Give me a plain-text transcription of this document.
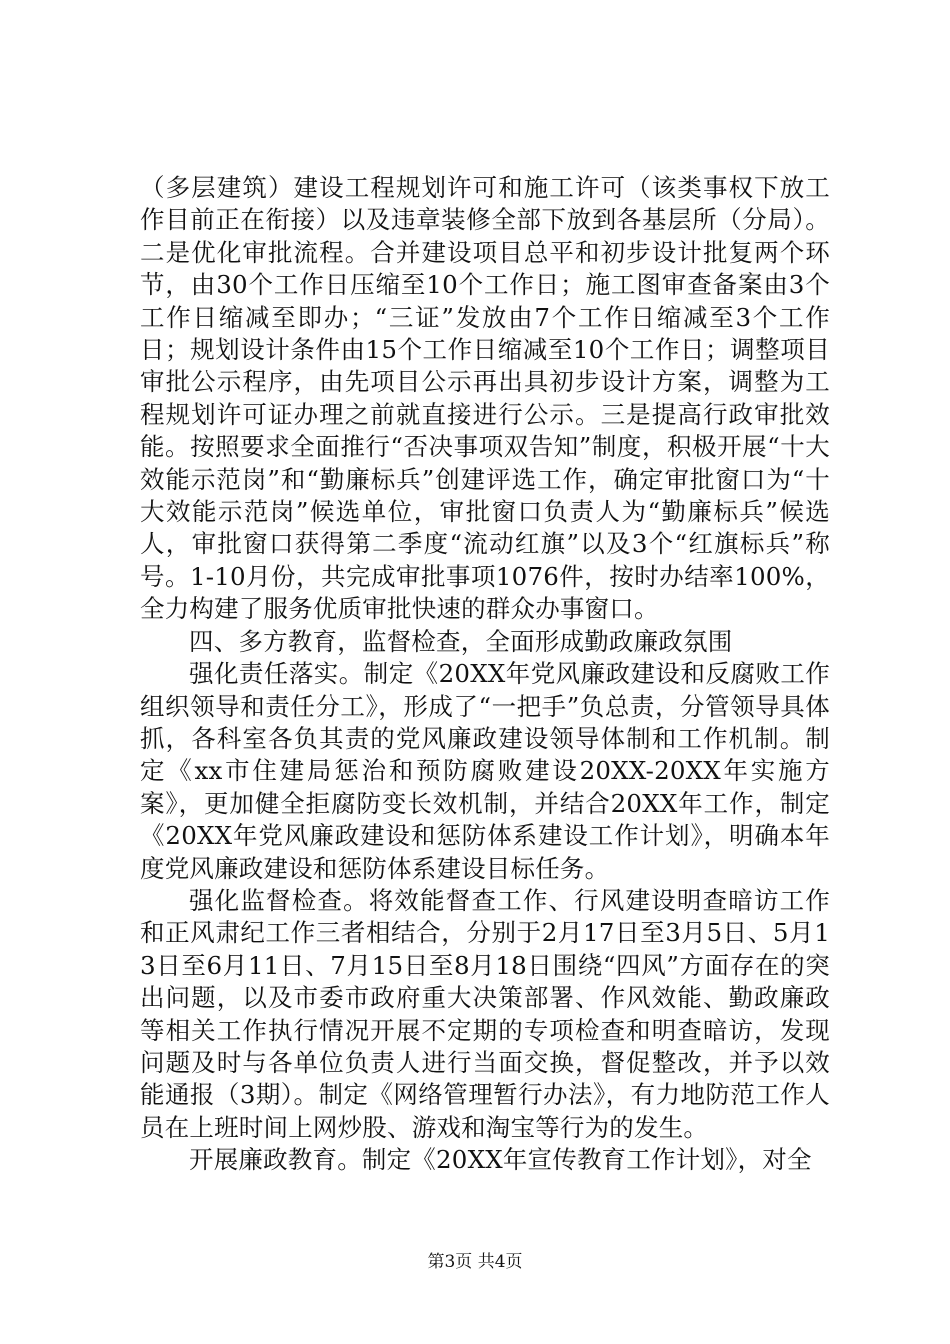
（多层建筑）建设工程规划许可和施工许可（该类事权下放工作目前正在衔接）以及违章装修全部下放到各基层所（分局）。二是优化审批流程。合并建设项目总平和初步设计批复两个环节，由30个工作日压缩至10个工作日；施工图审查备案由3个工作日缩减至即办；“三证”发放由7个工作日缩减至3个工作日；规划设计条件由15个工作日缩减至10个工作日；调整项目审批公示程序，由先项目公示再出具初步设计方案，调整为工程规划许可证办理之前就直接进行公示。三是提高行政审批效能。按照要求全面推行“否决事项双告知”制度，积极开展“十大效能示范岗”和“勤廉标兵”创建评选工作，确定审批窗口为“十大效能示范岗”候选单位，审批窗口负责人为“勤廉标兵”候选人，审批窗口获得第二季度“流动红旗”以及3个“红旗标兵”称号。1-10月份，共完成审批事项1076件，按时办结率100%，全力构建了服务优质审批快速的群众办事窗口。

四、多方教育，监督检查，全面形成勤政廉政氛围

强化责任落实。制定《20XX年党风廉政建设和反腐败工作组织领导和责任分工》，形成了“一把手”负总责，分管领导具体抓，各科室各负其责的党风廉政建设领导体制和工作机制。制定《xx市住建局惩治和预防腐败建设20XX-20XX年实施方案》，更加健全拒腐防变长效机制，并结合20XX年工作，制定《20XX年党风廉政建设和惩防体系建设工作计划》，明确本年度党风廉政建设和惩防体系建设目标任务。

强化监督检查。将效能督查工作、行风建设明查暗访工作和正风肃纪工作三者相结合，分别于2月17日至3月5日、5月13日至6月11日、7月15日至8月18日围绕“四风”方面存在的突出问题，以及市委市政府重大决策部署、作风效能、勤政廉政等相关工作执行情况开展不定期的专项检查和明查暗访，发现问题及时与各单位负责人进行当面交换，督促整改，并予以效能通报（3期）。制定《网络管理暂行办法》，有力地防范工作人员在上班时间上网炒股、游戏和淘宝等行为的发生。

开展廉政教育。制定《20XX年宣传教育工作计划》，对全

第3页 共4页
